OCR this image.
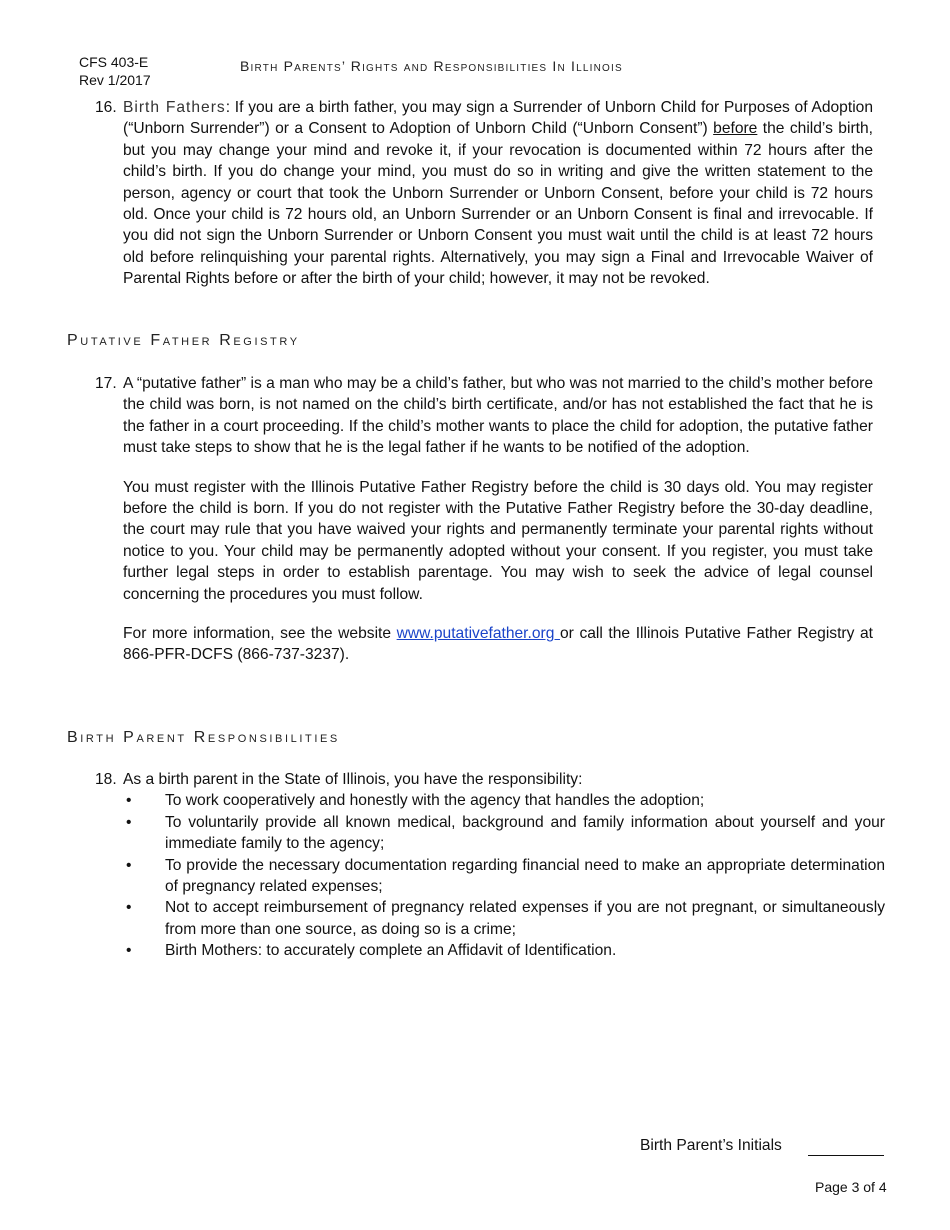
CFS 403-E
Rev 1/2017
Birth Parents’ Rights and Responsibilities In Illinois
16. Birth Fathers: If you are a birth father, you may sign a Surrender of Unborn Child for Purposes of Adoption (“Unborn Surrender”) or a Consent to Adoption of Unborn Child (“Unborn Consent”) before the child’s birth, but you may change your mind and revoke it, if your revocation is documented within 72 hours after the child’s birth. If you do change your mind, you must do so in writing and give the written statement to the person, agency or court that took the Unborn Surrender or Unborn Consent, before your child is 72 hours old. Once your child is 72 hours old, an Unborn Surrender or an Unborn Consent is final and irrevocable. If you did not sign the Unborn Surrender or Unborn Consent you must wait until the child is at least 72 hours old before relinquishing your parental rights. Alternatively, you may sign a Final and Irrevocable Waiver of Parental Rights before or after the birth of your child; however, it may not be revoked.

Putative Father Registry
17. A “putative father” is a man who may be a child’s father, but who was not married to the child’s mother before the child was born, is not named on the child’s birth certificate, and/or has not established the fact that he is the father in a court proceeding. If the child’s mother wants to place the child for adoption, the putative father must take steps to show that he is the legal father if he wants to be notified of the adoption.

You must register with the Illinois Putative Father Registry before the child is 30 days old. You may register before the child is born. If you do not register with the Putative Father Registry before the 30-day deadline, the court may rule that you have waived your rights and permanently terminate your parental rights without notice to you. Your child may be permanently adopted without your consent. If you register, you must take further legal steps in order to establish parentage. You may wish to seek the advice of legal counsel concerning the procedures you must follow.

For more information, see the website www.putativefather.org or call the Illinois Putative Father Registry at 866-PFR-DCFS (866-737-3237).

Birth Parent Responsibilities
18. As a birth parent in the State of Illinois, you have the responsibility:

• To work cooperatively and honestly with the agency that handles the adoption;
• To voluntarily provide all known medical, background and family information about yourself and your immediate family to the agency;
• To provide the necessary documentation regarding financial need to make an appropriate determination of pregnancy related expenses;
• Not to accept reimbursement of pregnancy related expenses if you are not pregnant, or simultaneously from more than one source, as doing so is a crime;
• Birth Mothers: to accurately complete an Affidavit of Identification.
Birth Parent’s Initials
Page 3 of 4
